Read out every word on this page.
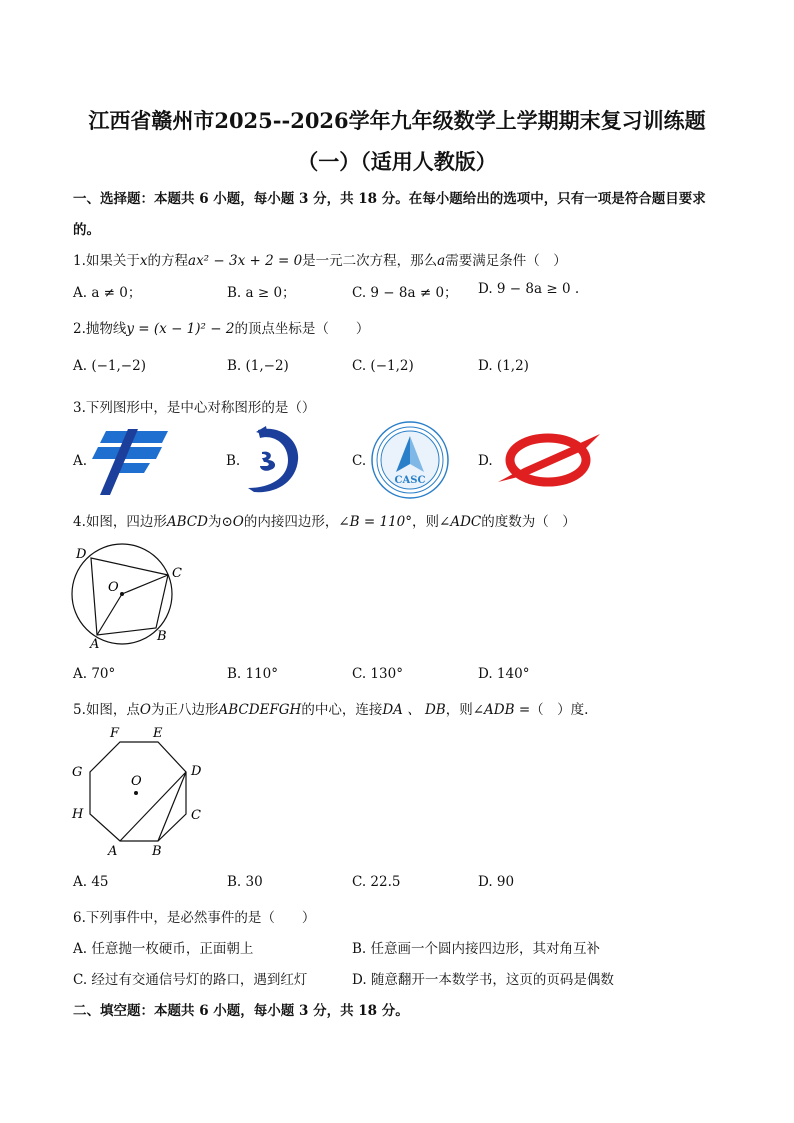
江西省赣州市2025--2026学年九年级数学上学期期末复习训练题
（一）（适用人教版）
一、选择题：本题共 6 小题，每小题 3 分，共 18 分。在每小题给出的选项中，只有一项是符合题目要求
的。
1.如果关于x的方程ax² − 3x + 2 = 0是一元二次方程，那么a需要满足条件（　）
A. a ≠ 0；	B. a ≥ 0；	C. 9 − 8a ≠ 0； D. 9 − 8a ≥ 0 .
2.抛物线y = (x − 1)² − 2的顶点坐标是（　　）
A. (−1,−2)	B. (1,−2)	C. (−1,2)	D. (1,2)
3.下列图形中，是中心对称图形的是（）
A.	B.	C.	D.
CASC
4.如图，四边形ABCD为⊙O的内接四边形，∠B = 110°，则∠ADC的度数为（　）
D
C
O
B
A
A. 70°	B. 110°	C. 130°	D. 140°
5.如图，点O为正八边形ABCDEFGH的中心，连接DA 、 DB，则∠ADB =（　）度.
F	E
G	D
O
H	C
A	B
A. 45	B. 30	C. 22.5	D. 90
6.下列事件中，是必然事件的是（　　）
A. 任意抛一枚硬币，正面朝上	B. 任意画一个圆内接四边形，其对角互补
C. 经过有交通信号灯的路口，遇到红灯	D. 随意翻开一本数学书，这页的页码是偶数
二、填空题：本题共 6 小题，每小题 3 分，共 18 分。
